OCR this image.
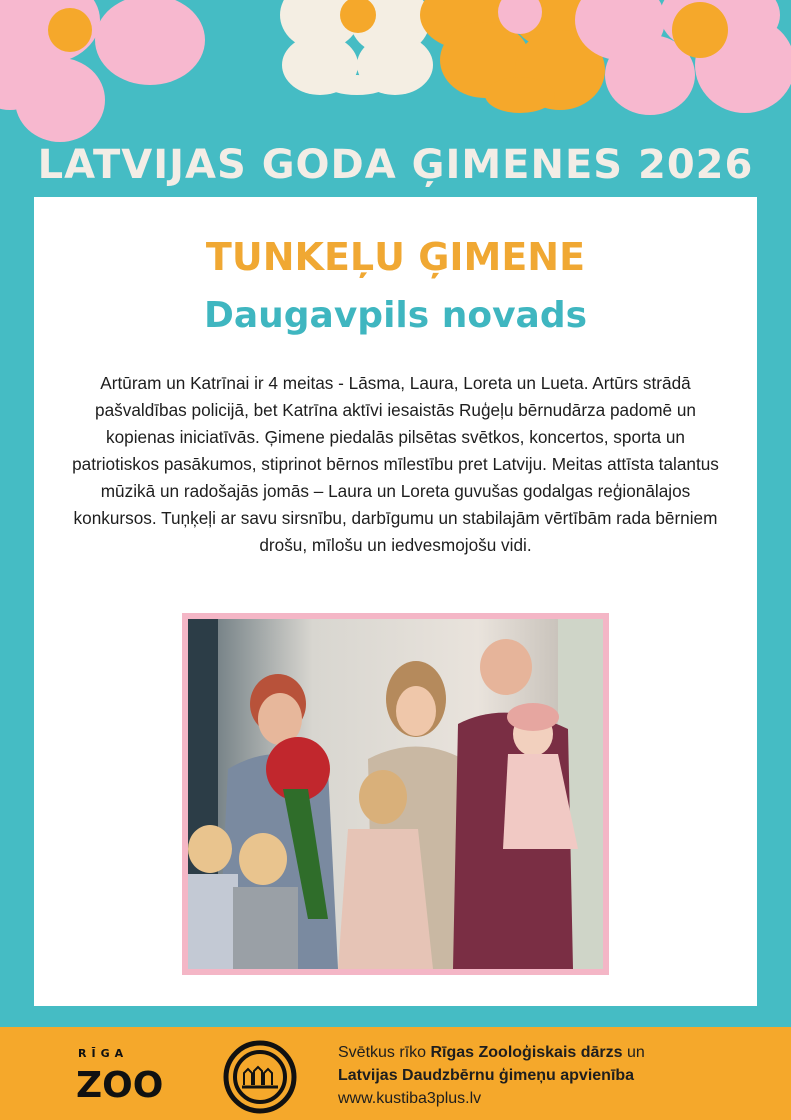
LATVIJAS GODA ĢIMENES 2026
TUNKEĻU ĢIMENE
Daugavpils novads
Artūram un Katrīnai ir 4 meitas - Lāsma, Laura, Loreta un Lueta. Artūrs strādā pašvaldības policijā, bet Katrīna aktīvi iesaistās Ruģeļu bērnudārza padomē un kopienas iniciatīvās. Ģimene piedalās pilsētas svētkos, koncertos, sporta un patriotiskos pasākumos, stiprinot bērnos mīlestību pret Latviju. Meitas attīsta talantus mūzikā un radošajās jomās – Laura un Loreta guvušas godalgas reģionālajos konkursos. Tuņķeļi ar savu sirsnību, darbīgumu un stabilajām vērtībām rada bērniem drošu, mīlošu un iedvesmojošu vidi.
RĪGA
ZOO
Svētkus rīko Rīgas Zooloģiskais dārzs un
Latvijas Daudzbērnu ģimeņu apvienība
www.kustiba3plus.lv
